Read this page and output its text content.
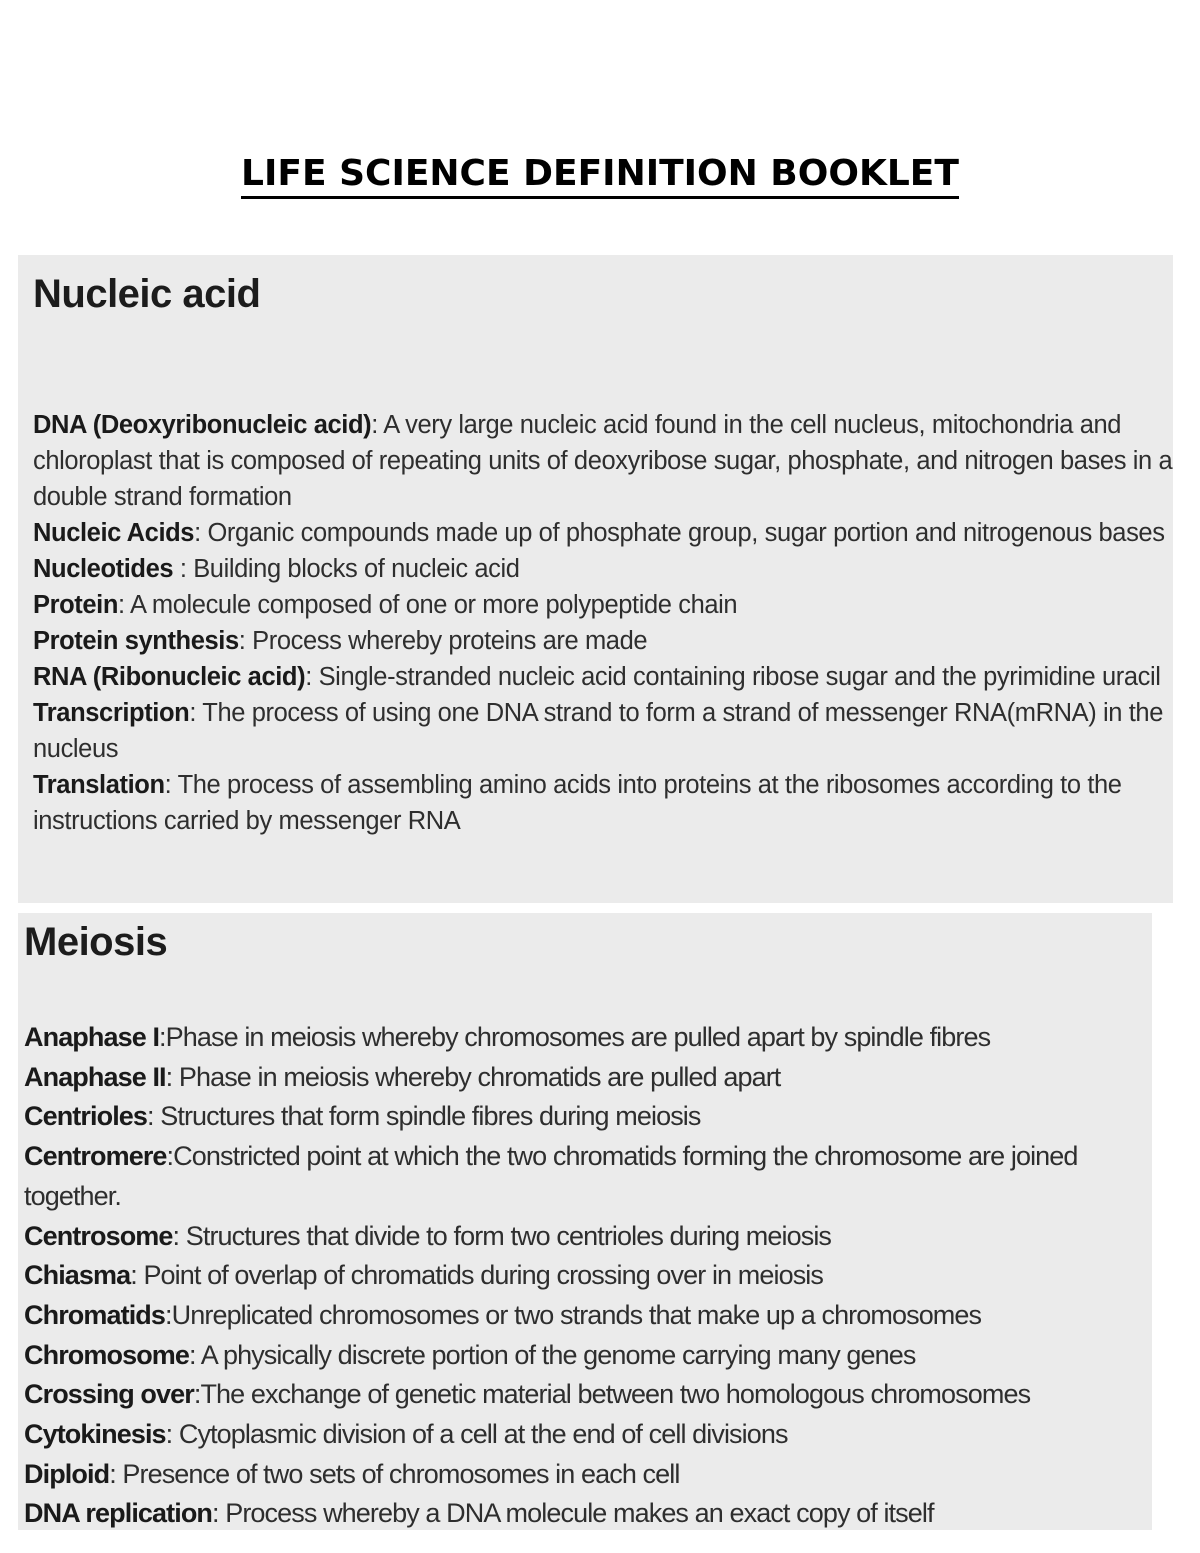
LIFE SCIENCE DEFINITION BOOKLET
Nucleic acid

DNA (Deoxyribonucleic acid): A very large nucleic acid found in the cell nucleus, mitochondria and chloroplast that is composed of repeating units of deoxyribose sugar, phosphate, and nitrogen bases in a double strand formation

Nucleic Acids: Organic compounds made up of phosphate group, sugar portion and nitrogenous bases

Nucleotides : Building blocks of nucleic acid

Protein: A molecule composed of one or more polypeptide chain

Protein synthesis: Process whereby proteins are made

RNA (Ribonucleic acid): Single-stranded nucleic acid containing ribose sugar and the pyrimidine uracil

Transcription: The process of using one DNA strand to form a strand of messenger RNA(mRNA) in the nucleus

Translation: The process of assembling amino acids into proteins at the ribosomes according to the instructions carried by messenger RNA

Meiosis

Anaphase I:Phase in meiosis whereby chromosomes are pulled apart by spindle fibres

Anaphase II: Phase in meiosis whereby chromatids are pulled apart

Centrioles: Structures that form spindle fibres during meiosis

Centromere:Constricted point at which the two chromatids forming the chromosome are joined together.

Centrosome: Structures that divide to form two centrioles during meiosis

Chiasma: Point of overlap of chromatids during crossing over in meiosis

Chromatids:Unreplicated chromosomes or two strands that make up a chromosomes

Chromosome: A physically discrete portion of the genome carrying many genes

Crossing over:The exchange of genetic material between two homologous chromosomes

Cytokinesis: Cytoplasmic division of a cell at the end of cell divisions

Diploid: Presence of two sets of chromosomes in each cell

DNA replication: Process whereby a DNA molecule makes an exact copy of itself
